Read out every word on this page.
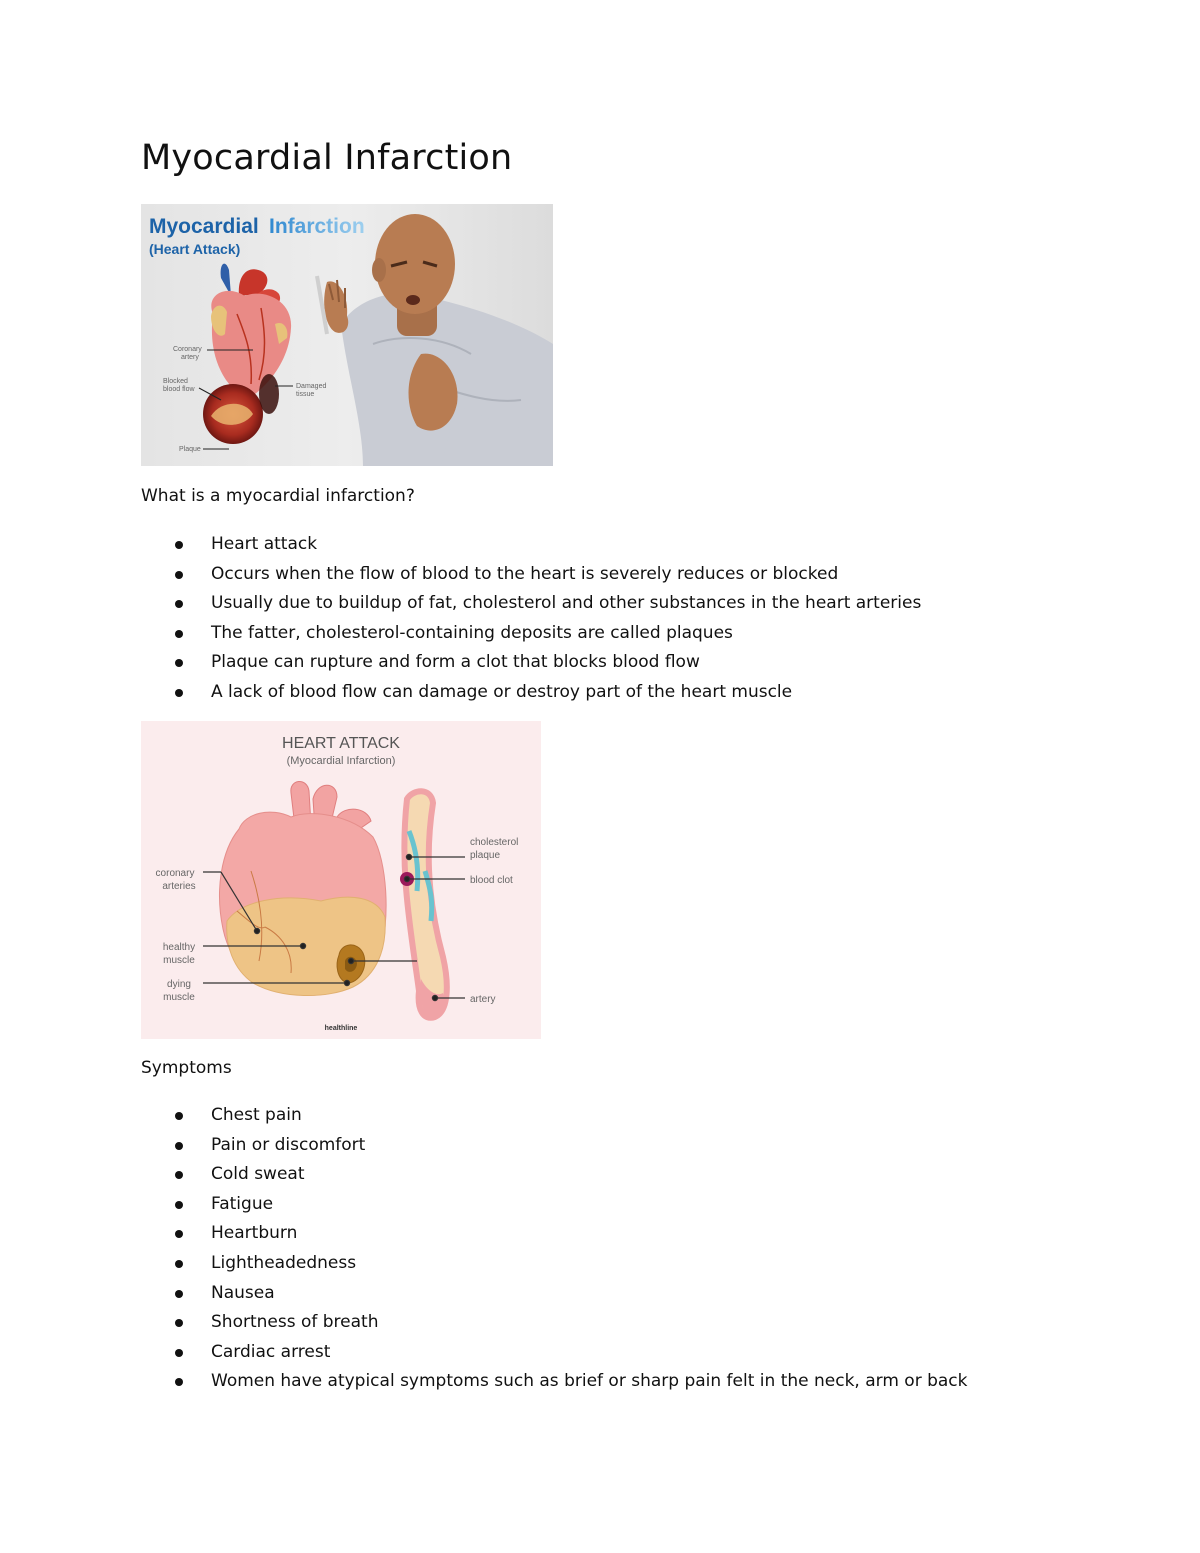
Myocardial Infarction
Myocardial Infarction
(Heart Attack)
Coronary
artery
Blocked
blood flow	Damaged
tissue
Plaque

What is a myocardial infarction?

Heart attack
Occurs when the flow of blood to the heart is severely reduces or blocked
Usually due to buildup of fat, cholesterol and other substances in the heart arteries
The fatter, cholesterol-containing deposits are called plaques
Plaque can rupture and form a clot that blocks blood flow
A lack of blood flow can damage or destroy part of the heart muscle
HEART ATTACK
(Myocardial Infarction)
coronary
arteries
healthy
muscle
dying
muscle
cholesterol
plaque
blood clot
artery
healthline

Symptoms

Chest pain
Pain or discomfort
Cold sweat
Fatigue
Heartburn
Lightheadedness
Nausea
Shortness of breath
Cardiac arrest
Women have atypical symptoms such as brief or sharp pain felt in the neck, arm or back
